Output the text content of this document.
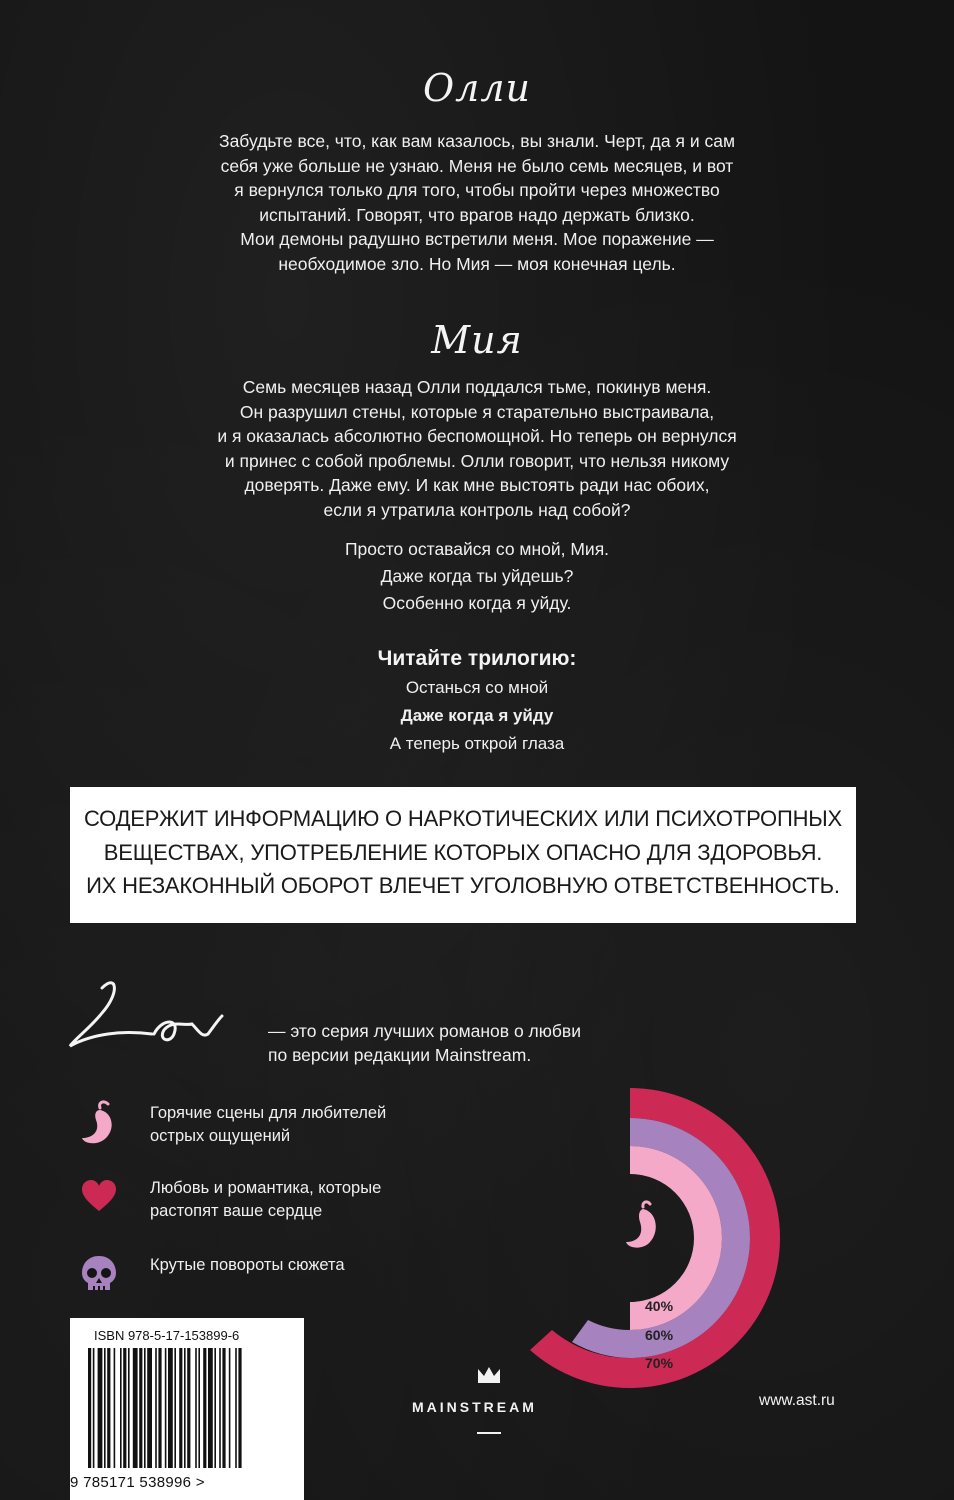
Олли
Забудьте все, что, как вам казалось, вы знали. Черт, да я и сам
себя уже больше не узнаю. Меня не было семь месяцев, и вот
я вернулся только для того, чтобы пройти через множество
испытаний. Говорят, что врагов надо держать близко.
Мои демоны радушно встретили меня. Мое поражение —
необходимое зло. Но Мия — моя конечная цель.
Мия
Семь месяцев назад Олли поддался тьме, покинув меня.
Он разрушил стены, которые я старательно выстраивала,
и я оказалась абсолютно беспомощной. Но теперь он вернулся
и принес с собой проблемы. Олли говорит, что нельзя никому
доверять. Даже ему. И как мне выстоять ради нас обоих,
если я утратила контроль над собой?
Просто оставайся со мной, Мия.
Даже когда ты уйдешь?
Особенно когда я уйду.
Читайте трилогию:
Останься со мной
Даже когда я уйду
А теперь открой глаза
СОДЕРЖИТ ИНФОРМАЦИЮ О НАРКОТИЧЕСКИХ ИЛИ ПСИХОТРОПНЫХ
ВЕЩЕСТВАХ, УПОТРЕБЛЕНИЕ КОТОРЫХ ОПАСНО ДЛЯ ЗДОРОВЬЯ.
ИХ НЕЗАКОННЫЙ ОБОРОТ ВЛЕЧЕТ УГОЛОВНУЮ ОТВЕТСТВЕННОСТЬ.
— это серия лучших романов о любви
по версии редакции Mainstream.
Горячие сцены для любителей
острых ощущений
Любовь и романтика, которые
растопят ваше сердце
Крутые повороты сюжета
40%
60%
70%
ISBN 978-5-17-153899-6
9 785171 538996 >
MAINSTREAM	www.ast.ru
